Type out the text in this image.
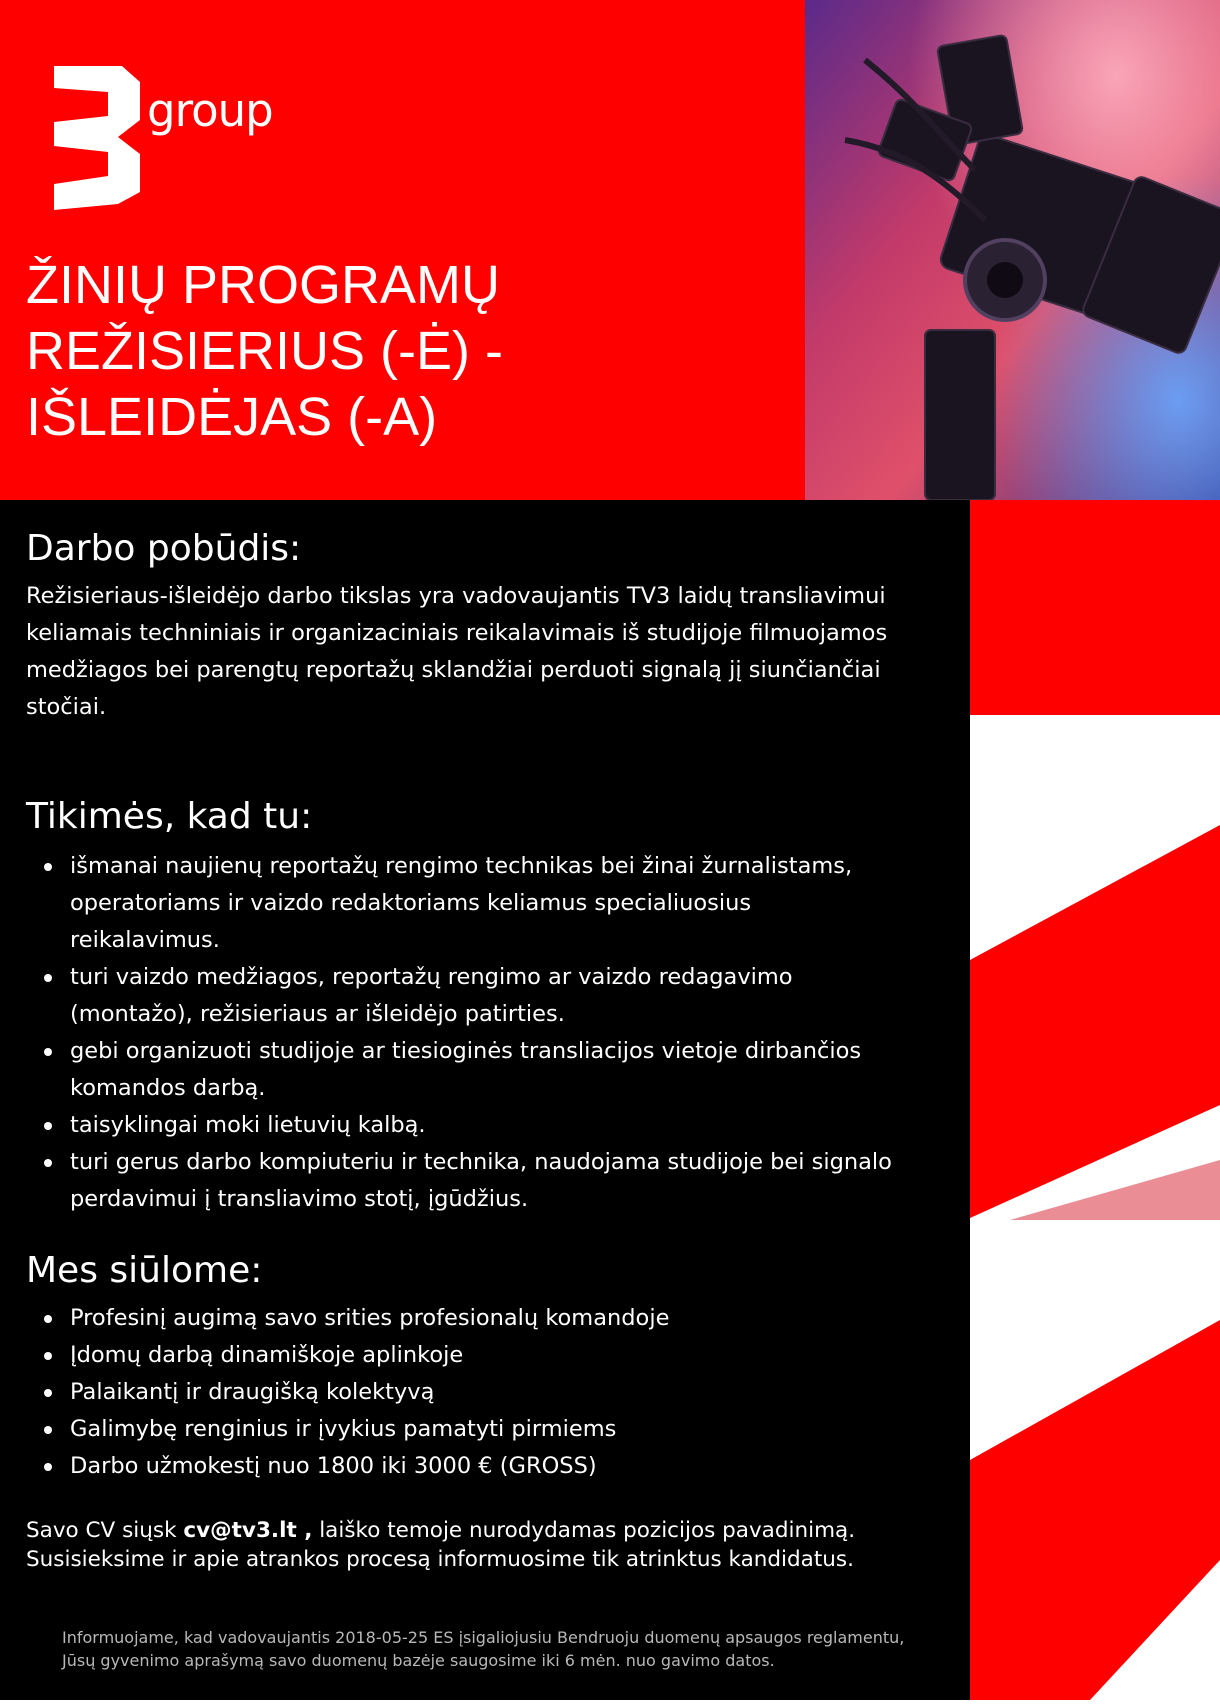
group
ŽINIŲ PROGRAMŲ
REŽISIERIUS (-Ė) -
IŠLEIDĖJAS (-A)
Darbo pobūdis:

Režisieriaus-išleidėjo darbo tikslas yra vadovaujantis TV3 laidų transliavimui keliamais techniniais ir organizaciniais reikalavimais iš studijoje filmuojamos medžiagos bei parengtų reportažų sklandžiai perduoti signalą jį siunčiančiai stočiai.

Tikimės, kad tu:
išmanai naujienų reportažų rengimo technikas bei žinai žurnalistams, operatoriams ir vaizdo redaktoriams keliamus specialiuosius reikalavimus.
turi vaizdo medžiagos, reportažų rengimo ar vaizdo redagavimo (montažo), režisieriaus ar išleidėjo patirties.
gebi organizuoti studijoje ar tiesioginės transliacijos vietoje dirbančios komandos darbą.
taisyklingai moki lietuvių kalbą.
turi gerus darbo kompiuteriu ir technika, naudojama studijoje bei signalo perdavimui į transliavimo stotį, įgūdžius.
Mes siūlome:
Profesinį augimą savo srities profesionalų komandoje
Įdomų darbą dinamiškoje aplinkoje
Palaikantį ir draugišką kolektyvą
Galimybę renginius ir įvykius pamatyti pirmiems
Darbo užmokestį nuo 1800 iki 3000 € (GROSS)

Savo CV siųsk cv@tv3.lt , laiško temoje nurodydamas pozicijos pavadinimą.
Susisieksime ir apie atrankos procesą informuosime tik atrinktus kandidatus.

Informuojame, kad vadovaujantis 2018-05-25 ES įsigaliojusiu Bendruoju duomenų apsaugos reglamentu, Jūsų gyvenimo aprašymą savo duomenų bazėje saugosime iki 6 mėn. nuo gavimo datos.
